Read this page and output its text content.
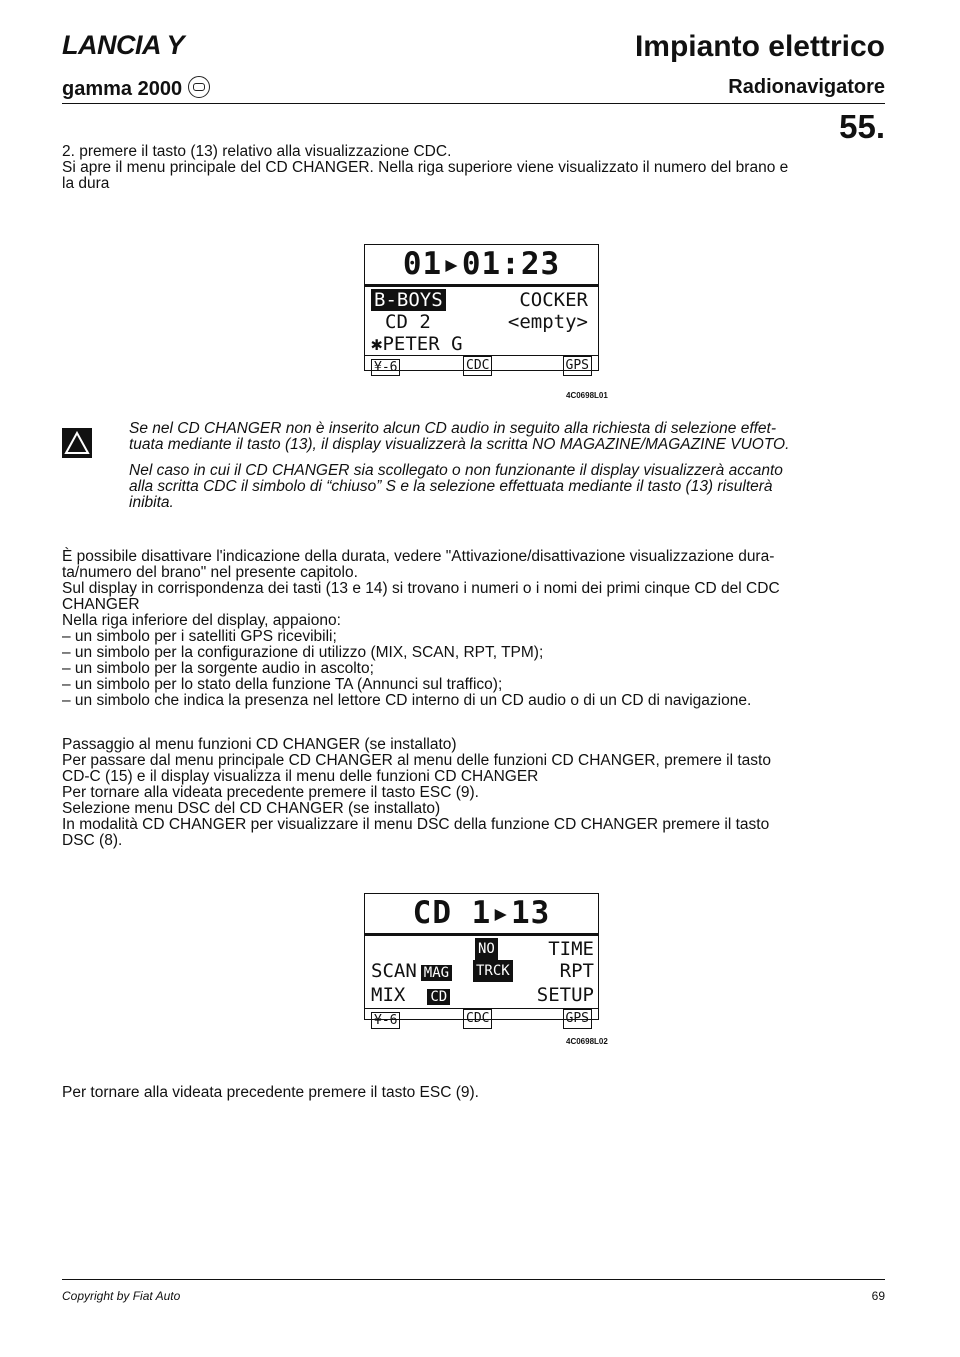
LANCIA Y
gamma 2000
Impianto elettrico
Radionavigatore
55.

2. premere il tasto (13) relativo alla visualizzazione CDC.

Si apre il menu principale del CD CHANGER. Nella riga superiore viene visualizzato il numero del brano e

la dura

01▸01:23
B-BOYS	COCKER
CD 2	<empty>
✱PETER G
¥-6	CDC	GPS
4C0698L01

Se nel CD CHANGER non è inserito alcun CD audio in seguito alla richiesta di selezione effet-

tuata mediante il tasto (13), il display visualizzerà la scritta NO MAGAZINE/MAGAZINE VUOTO.

Nel caso in cui il CD CHANGER sia scollegato o non funzionante il display visualizzerà accanto

alla scritta CDC il simbolo di “chiuso” S e la selezione effettuata mediante il tasto (13) risulterà

inibita.

È possibile disattivare l'indicazione della durata, vedere "Attivazione/disattivazione visualizzazione dura-

ta/numero del brano" nel presente capitolo.

Sul display in corrispondenza dei tasti (13 e 14) si trovano i numeri o i nomi dei primi cinque CD del CDC

CHANGER

Nella riga inferiore del display, appaiono:

– un simbolo per i satelliti GPS ricevibili;

– un simbolo per la configurazione di utilizzo (MIX, SCAN, RPT, TPM);

– un simbolo per la sorgente audio in ascolto;

– un simbolo per lo stato della funzione TA (Annunci sul traffico);

– un simbolo che indica la presenza nel lettore CD interno di un CD audio o di un CD di navigazione.

Passaggio al menu funzioni CD CHANGER (se installato)

Per passare dal menu principale CD CHANGER al menu delle funzioni CD CHANGER, premere il tasto

CD-C (15) e il display visualizza il menu delle funzioni CD CHANGER

Per tornare alla videata precedente premere il tasto ESC (9).

Selezione menu DSC del CD CHANGER (se installato)

In modalità CD CHANGER per visualizzare il menu DSC della funzione CD CHANGER premere il tasto

DSC (8).

CD 1▸13
NO	TIME

SCAN MAG TRCK	RPT
MIX CD	SETUP
¥-6	CDC	GPS
4C0698L02

Per tornare alla videata precedente premere il tasto ESC (9).

Copyright by Fiat Auto	69
